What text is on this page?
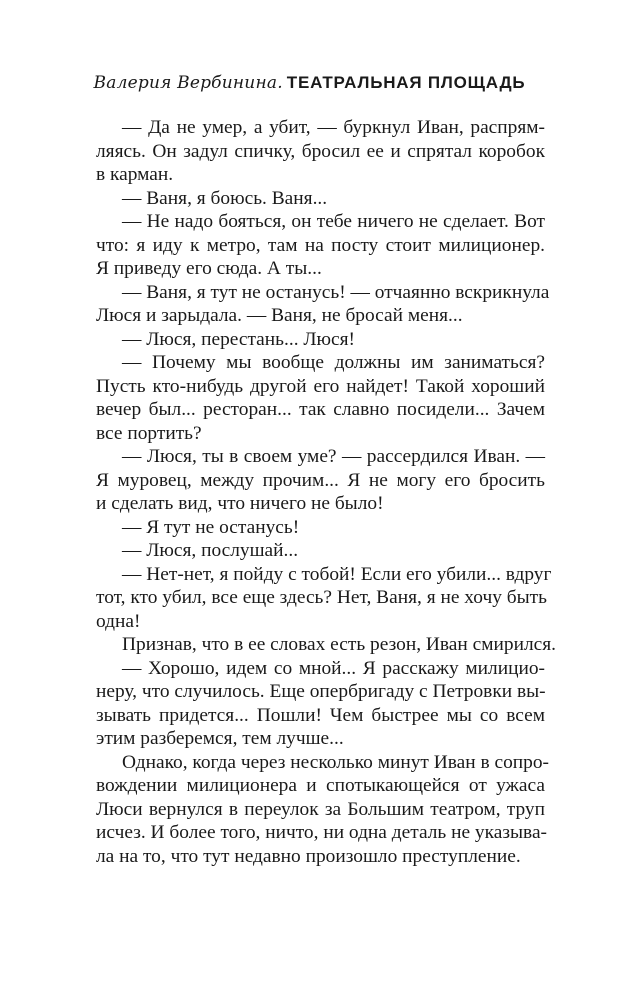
Валерия Вербинина. ТЕАТРАЛЬНАЯ ПЛОЩАДЬ
— Да не умер, а убит, — буркнул Иван, распрям-
ляясь. Он задул спичку, бросил ее и спрятал коробок
в карман.
— Ваня, я боюсь. Ваня...
— Не надо бояться, он тебе ничего не сделает. Вот
что: я иду к метро, там на посту стоит милиционер.
Я приведу его сюда. А ты...
— Ваня, я тут не останусь! — отчаянно вскрикнула
Люся и зарыдала. — Ваня, не бросай меня...
— Люся, перестань... Люся!
— Почему мы вообще должны им заниматься?
Пусть кто-нибудь другой его найдет! Такой хороший
вечер был... ресторан... так славно посидели... Зачем
все портить?
— Люся, ты в своем уме? — рассердился Иван. —
Я муровец, между прочим... Я не могу его бросить
и сделать вид, что ничего не было!
— Я тут не останусь!
— Люся, послушай...
— Нет-нет, я пойду с тобой! Если его убили... вдруг
тот, кто убил, все еще здесь? Нет, Ваня, я не хочу быть
одна!
Признав, что в ее словах есть резон, Иван смирился.
— Хорошо, идем со мной... Я расскажу милицио-
неру, что случилось. Еще опербригаду с Петровки вы-
зывать придется... Пошли! Чем быстрее мы со всем
этим разберемся, тем лучше...
Однако, когда через несколько минут Иван в сопро-
вождении милиционера и спотыкающейся от ужаса
Люси вернулся в переулок за Большим театром, труп
исчез. И более того, ничто, ни одна деталь не указыва-
ла на то, что тут недавно произошло преступление.
